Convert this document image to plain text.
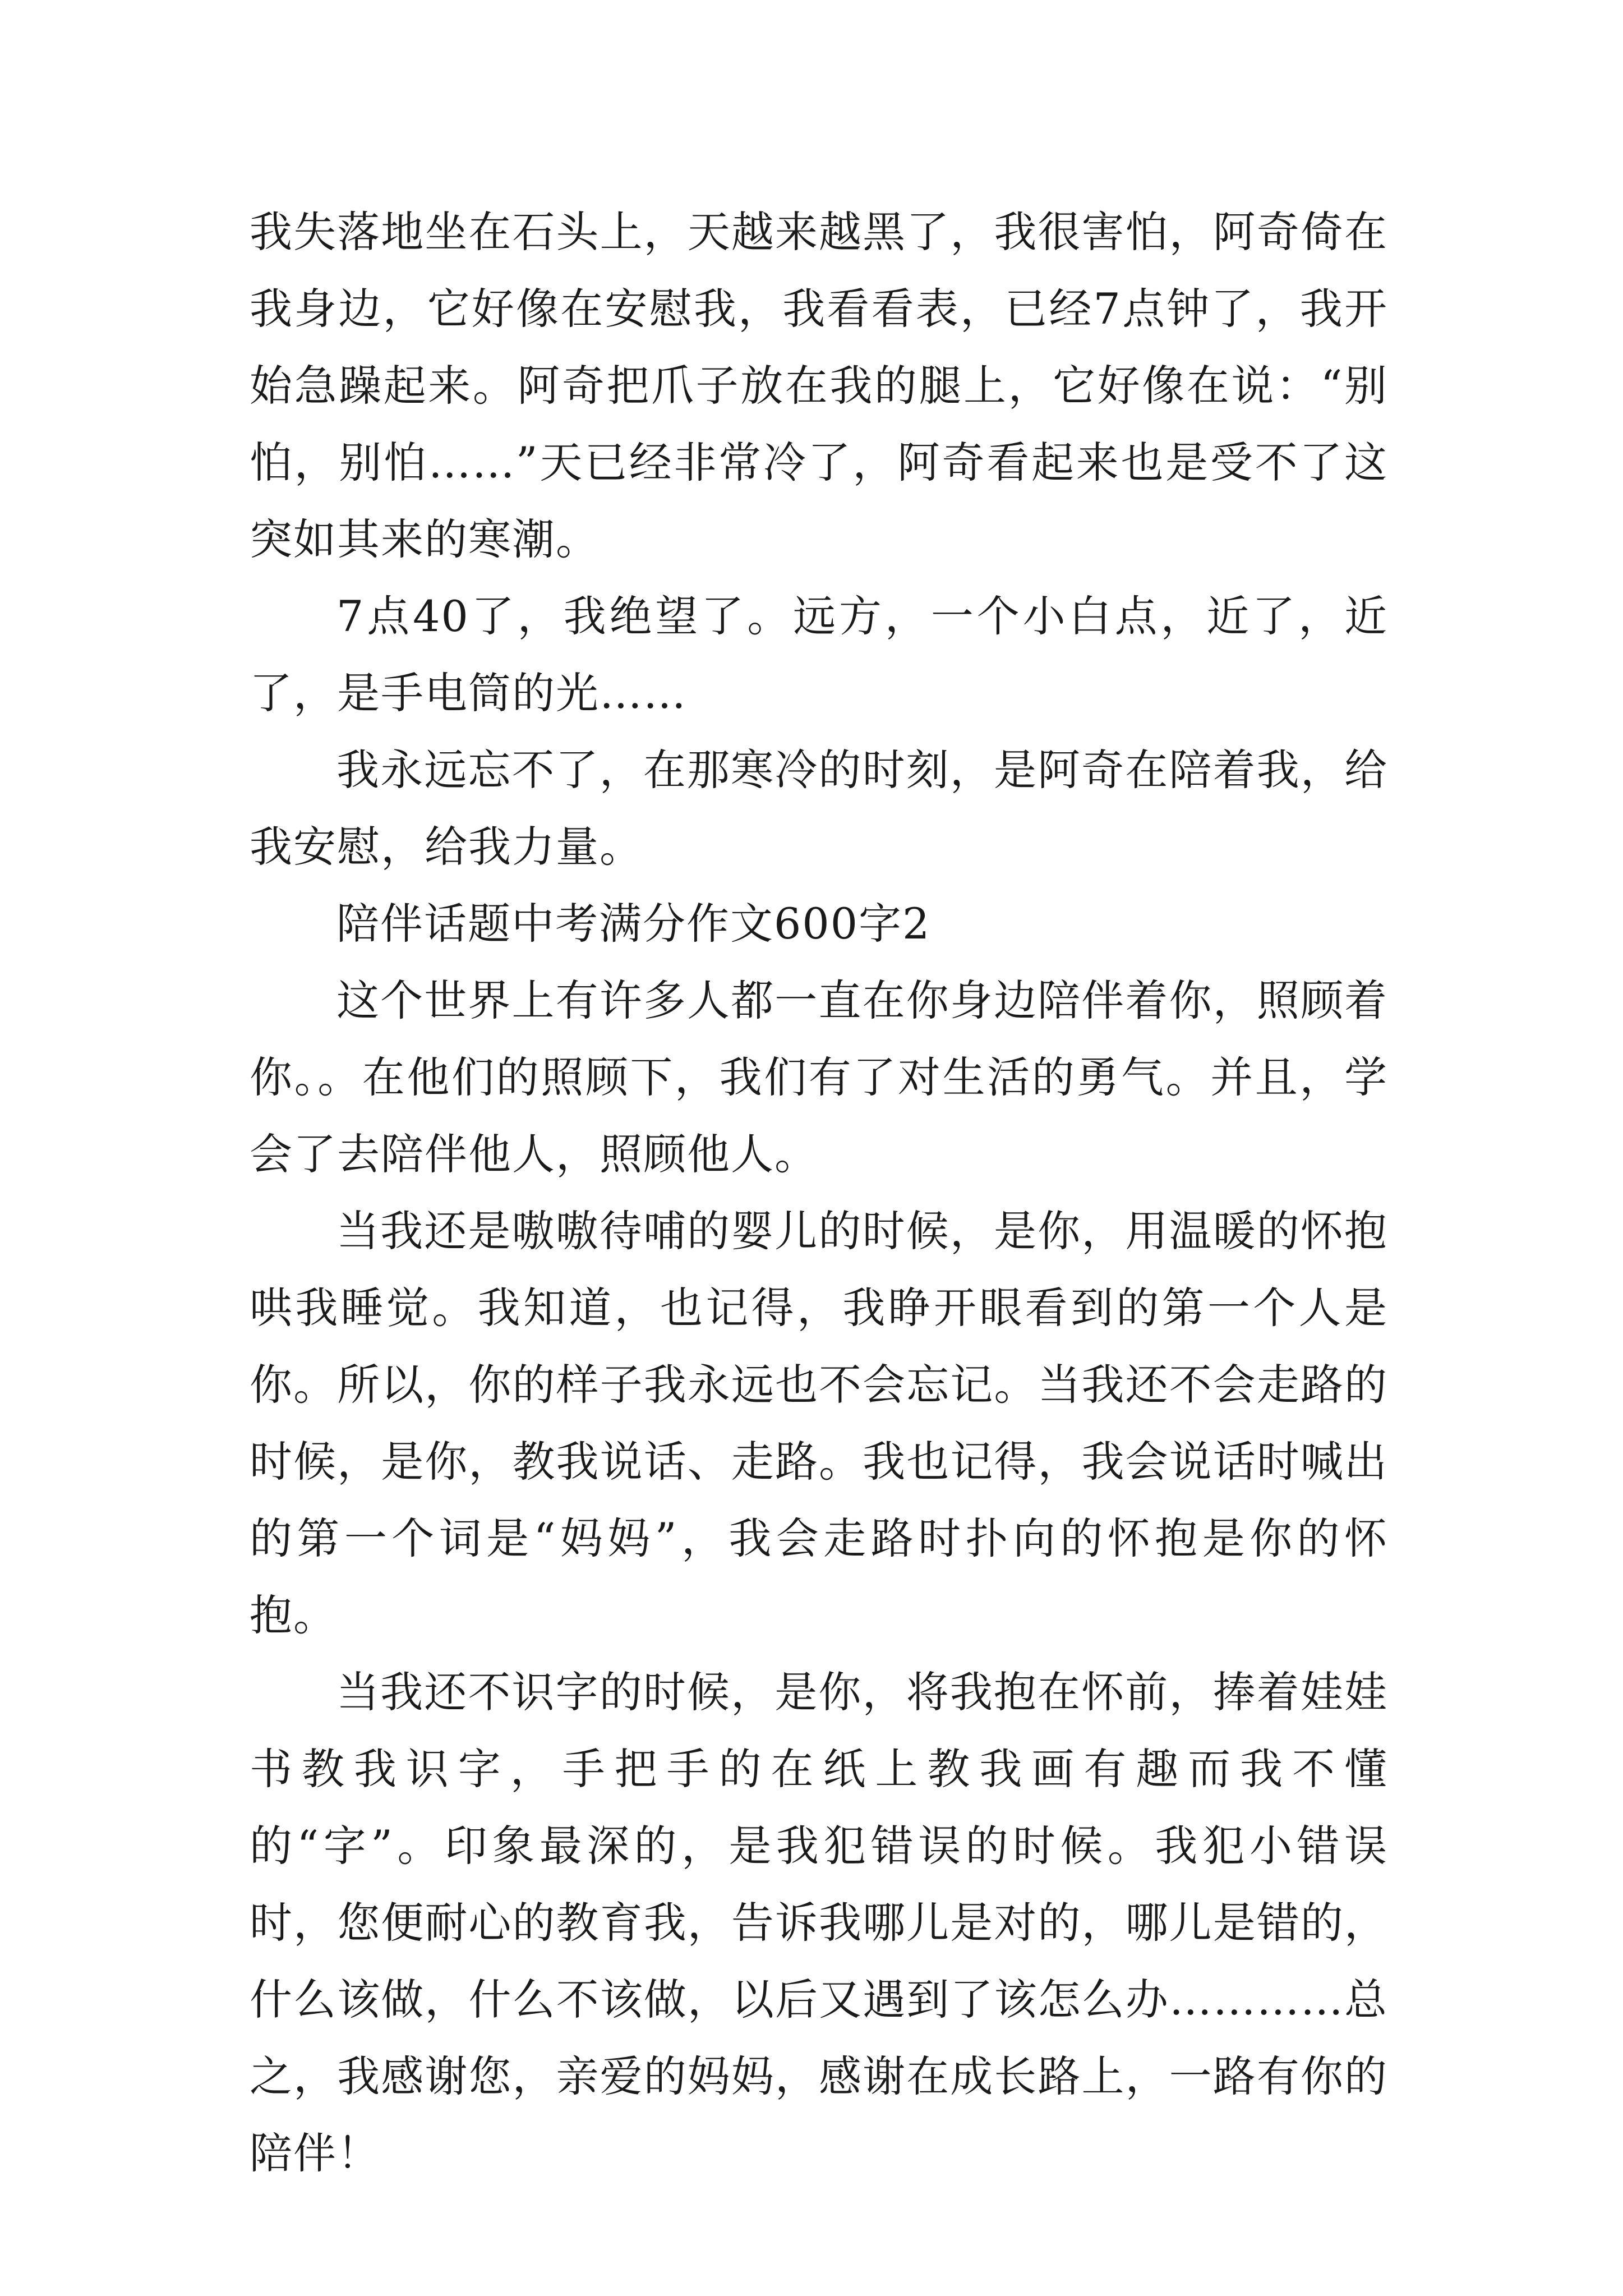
我失落地坐在石头上，天越来越黑了，我很害怕，阿奇倚在我身边，它好像在安慰我，我看看表，已经7点钟了，我开始急躁起来。阿奇把爪子放在我的腿上，它好像在说：“别怕，别怕……”天已经非常冷了，阿奇看起来也是受不了这突如其来的寒潮。

7点40了，我绝望了。远方，一个小白点，近了，近了，是手电筒的光……

我永远忘不了，在那寒冷的时刻，是阿奇在陪着我，给我安慰，给我力量。

陪伴话题中考满分作文600字2

这个世界上有许多人都一直在你身边陪伴着你，照顾着你。。在他们的照顾下，我们有了对生活的勇气。并且，学会了去陪伴他人，照顾他人。

当我还是嗷嗷待哺的婴儿的时候，是你，用温暖的怀抱哄我睡觉。我知道，也记得，我睁开眼看到的第一个人是你。所以，你的样子我永远也不会忘记。当我还不会走路的时候，是你，教我说话、走路。我也记得，我会说话时喊出的第一个词是“妈妈”，我会走路时扑向的怀抱是你的怀抱。

当我还不识字的时候，是你，将我抱在怀前，捧着娃娃书教我识字，手把手的在纸上教我画有趣而我不懂的“字”。印象最深的，是我犯错误的时候。我犯小错误时，您便耐心的教育我，告诉我哪儿是对的，哪儿是错的，什么该做，什么不该做，以后又遇到了该怎么办…………总之，我感谢您，亲爱的妈妈，感谢在成长路上，一路有你的陪伴！
